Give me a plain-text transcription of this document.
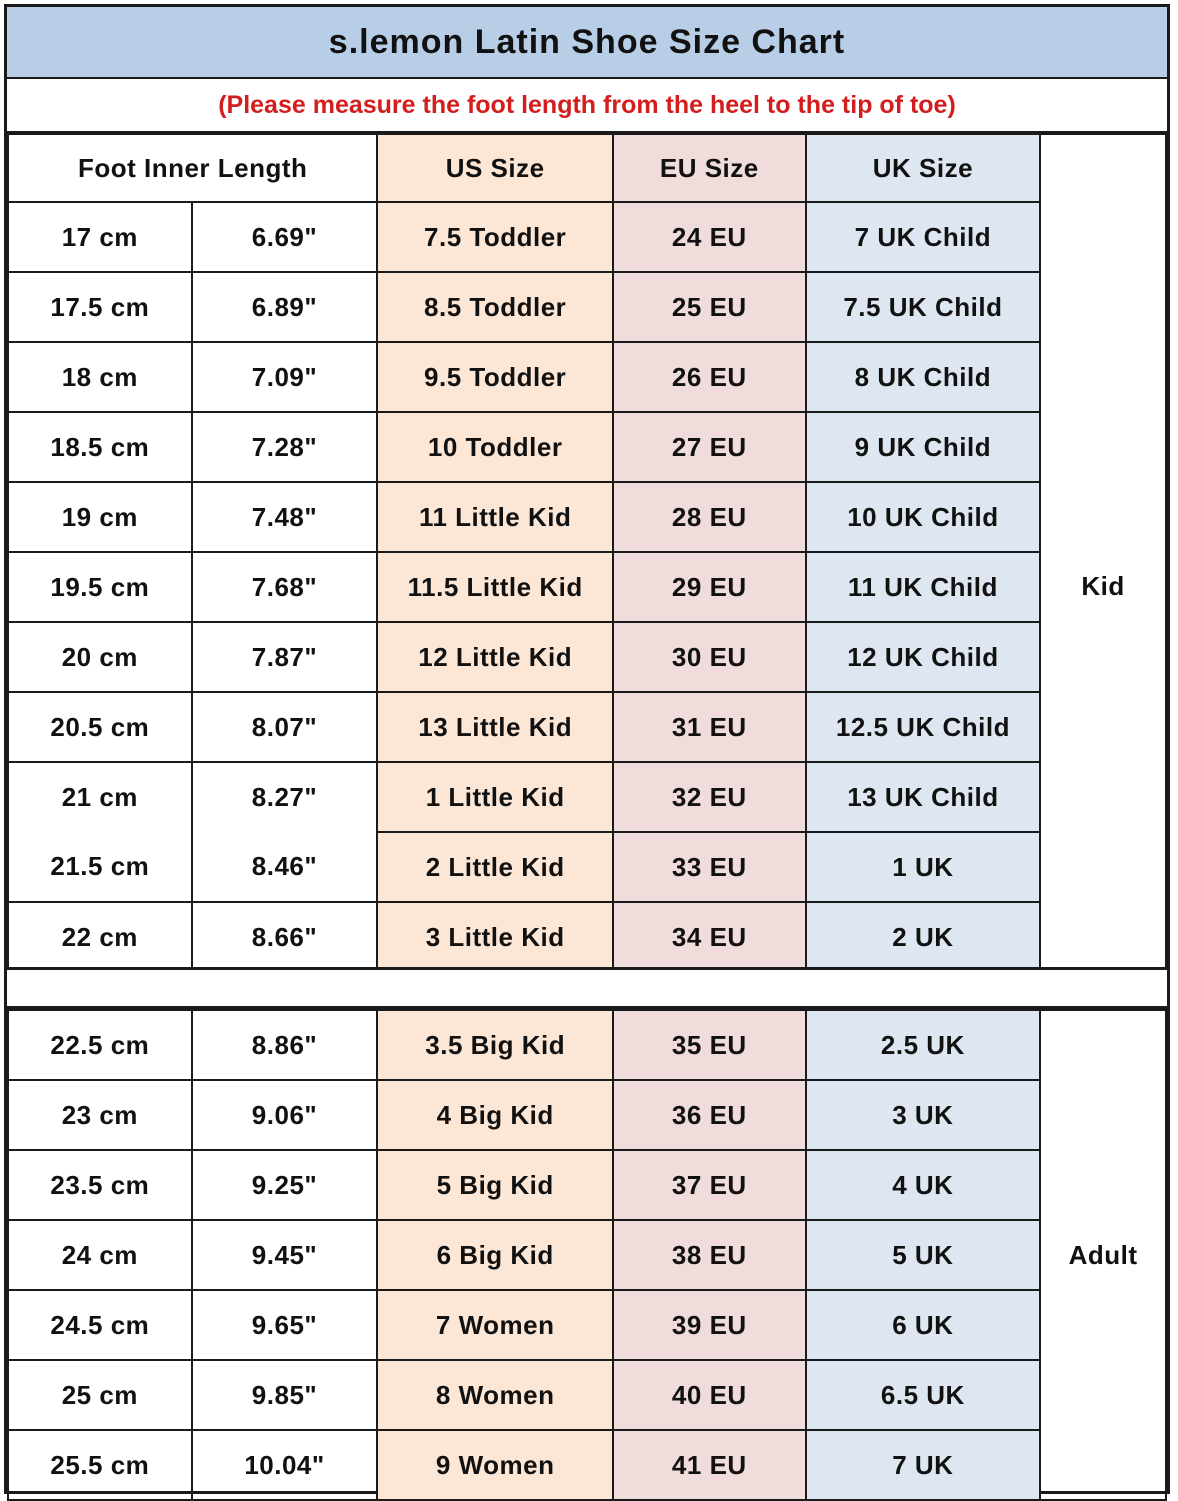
s.lemon Latin Shoe Size Chart
(Please measure the foot length from the heel to the tip of toe)
Foot Inner Length		US Size	EU Size	UK Size	
17 cm	6.69"	7.5 Toddler	24 EU	7 UK Child	Kid
17.5 cm	6.89"	8.5 Toddler	25 EU	7.5 UK Child	
18 cm	7.09"	9.5 Toddler	26 EU	8 UK Child	
18.5 cm	7.28"	10 Toddler	27 EU	9 UK Child	
19 cm	7.48"	11 Little Kid	28 EU	10 UK Child	
19.5 cm	7.68"	11.5 Little Kid	29 EU	11 UK Child	
20 cm	7.87"	12 Little Kid	30 EU	12 UK Child	
20.5 cm	8.07"	13 Little Kid	31 EU	12.5 UK Child	
21 cm	8.27"	1 Little Kid	32 EU	13 UK Child	
21.5 cm	8.46"	2 Little Kid	33 EU	1 UK	
22 cm	8.66"	3 Little Kid	34 EU	2 UK	
22.5 cm	8.86"	3.5 Big Kid	35 EU	2.5 UK	Adult
23 cm	9.06"	4 Big Kid	36 EU	3 UK	
23.5 cm	9.25"	5 Big Kid	37 EU	4 UK	
24 cm	9.45"	6 Big Kid	38 EU	5 UK	
24.5 cm	9.65"	7 Women	39 EU	6 UK	
25 cm	9.85"	8 Women	40 EU	6.5 UK	
25.5 cm	10.04"	9 Women	41 EU	7 UK	
